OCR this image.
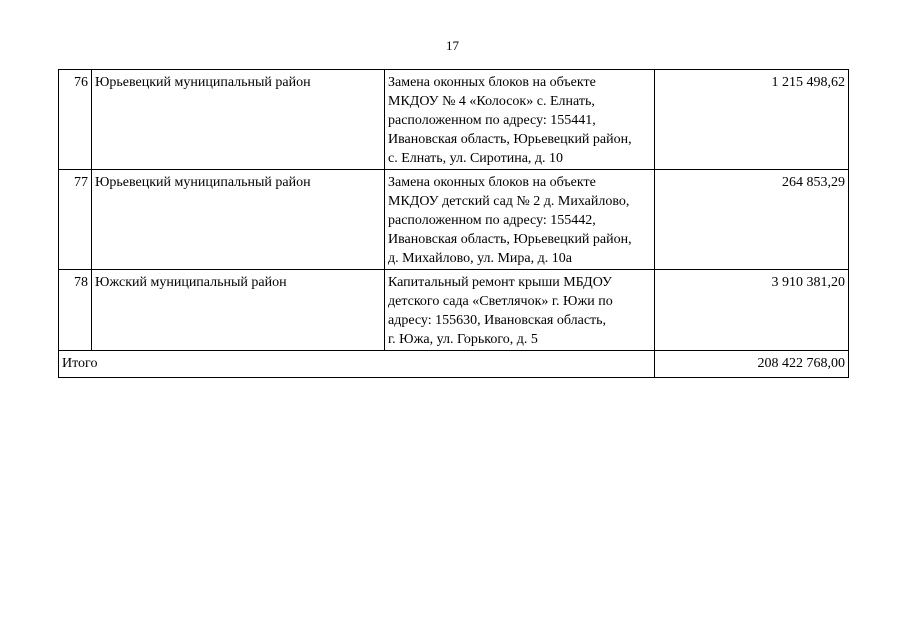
17
76	Юрьевецкий муниципальный район	Замена оконных блоков на объекте
МКДОУ № 4 «Колосок» с. Елнать,
расположенном по адресу: 155441,
Ивановская область, Юрьевецкий район,
с. Елнать, ул. Сиротина, д. 10	1 215 498,62
77	Юрьевецкий муниципальный район	Замена оконных блоков на объекте
МКДОУ детский сад № 2 д. Михайлово,
расположенном по адресу: 155442,
Ивановская область, Юрьевецкий район,
д. Михайлово, ул. Мира, д. 10а	264 853,29
78	Южский муниципальный район	Капитальный ремонт крыши МБДОУ
детского сада «Светлячок» г. Южи по
адресу: 155630, Ивановская область,
г. Южа, ул. Горького, д. 5	3 910 381,20
Итого			208 422 768,00
